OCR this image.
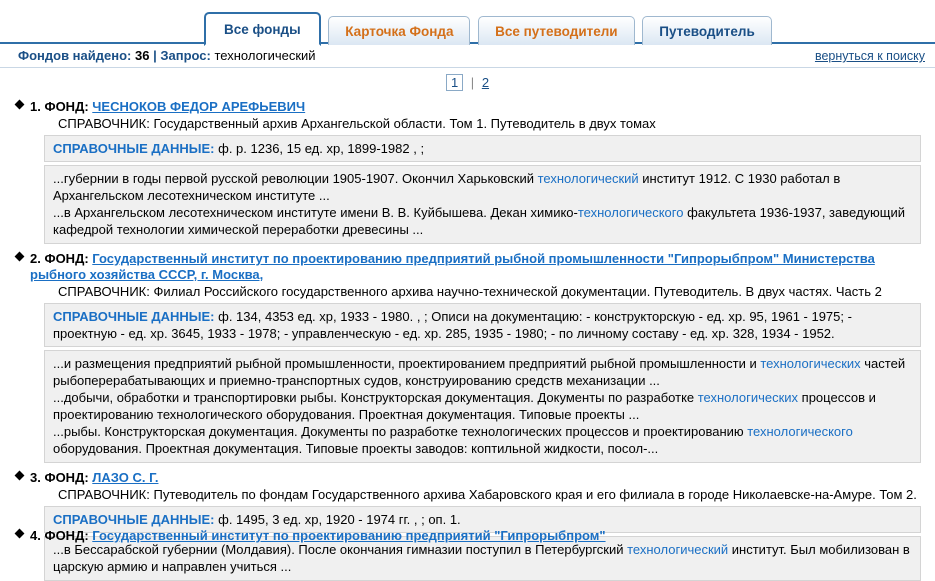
Все фонды	Карточка Фонда	Все путеводители	Путеводитель
Фондов найдено: 36 | Запрос: технологический	вернуться к поиску
1 | 2
1. ФОНД: ЧЕСНОКОВ ФЕДОР АРЕФЬЕВИЧ
СПРАВОЧНИК: Государственный архив Архангельской области. Том 1. Путеводитель в двух томах
СПРАВОЧНЫЕ ДАННЫЕ: ф. р. 1236, 15 ед. хр, 1899-1982 , ;

...губернии в годы первой русской революции 1905-1907. Окончил Харьковский технологический институт 1912. С 1930 работал в Архангельском лесотехническом институте ...

...в Архангельском лесотехническом институте имени В. В. Куйбышева. Декан химико-технологического факультета 1936-1937, заведующий кафедрой технологии химической переработки древесины ...

2. ФОНД: Государственный институт по проектированию предприятий рыбной промышленности "Гипрорыбпром" Министерства рыбного хозяйства СССР, г. Москва,
СПРАВОЧНИК: Филиал Российского государственного архива научно-технической документации. Путеводитель. В двух частях. Часть 2
СПРАВОЧНЫЕ ДАННЫЕ: ф. 134, 4353 ед. хр, 1933 - 1980. , ; Описи на документацию: - конструкторскую - ед. хр. 95, 1961 - 1975; - проектную - ед. хр. 3645, 1933 - 1978; - управленческую - ед. хр. 285, 1935 - 1980; - по личному составу - ед. хр. 328, 1934 - 1952.

...и размещения предприятий рыбной промышленности, проектированием предприятий рыбной промышленности и технологических частей рыбоперерабатывающих и приемно-транспортных судов, конструированию средств механизации ...

...добычи, обработки и транспортировки рыбы. Конструкторская документация. Документы по разработке технологических процессов и проектированию технологического оборудования. Проектная документация. Типовые проекты ...

...рыбы. Конструкторская документация. Документы по разработке технологических процессов и проектированию технологического оборудования. Проектная документация. Типовые проекты заводов: коптильной жидкости, посол-...

3. ФОНД: ЛАЗО С. Г.
СПРАВОЧНИК: Путеводитель по фондам Государственного архива Хабаровского края и его филиала в городе Николаевске-на-Амуре. Том 2.
СПРАВОЧНЫЕ ДАННЫЕ: ф. 1495, 3 ед. хр, 1920 - 1974 гг. , ; оп. 1.

...в Бессарабской губернии (Молдавия). После окончания гимназии поступил в Петербургский технологический институт. Был мобилизован в царскую армию и направлен учиться ...

4. ФОНД: Государственный институт по проектированию предприятий "Гипрорыбпром"
